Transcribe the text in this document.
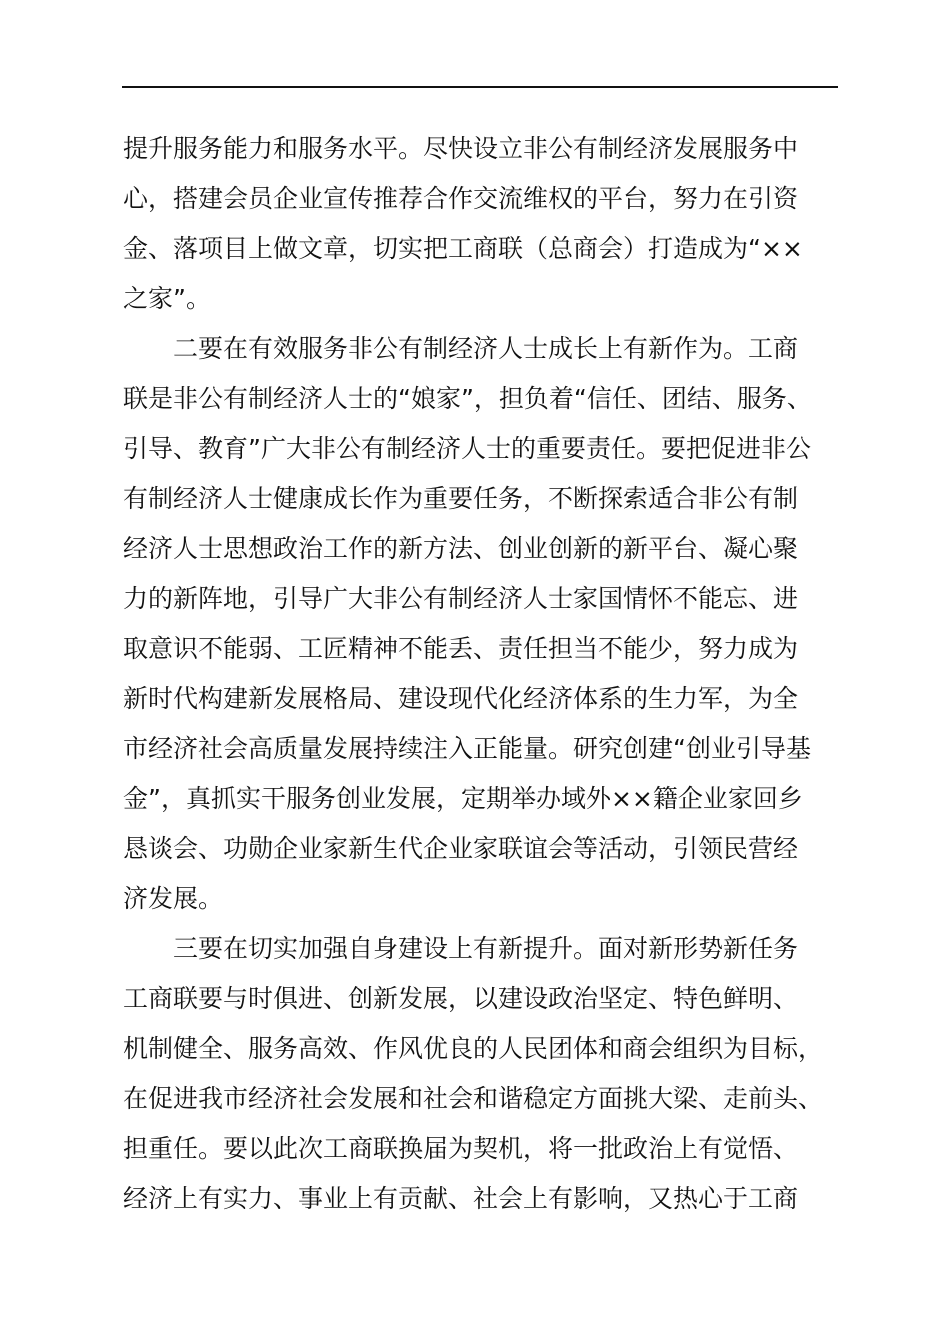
提升服务能力和服务水平。尽快设立非公有制经济发展服务中
心，搭建会员企业宣传推荐合作交流维权的平台，努力在引资
金、落项目上做文章，切实把工商联（总商会）打造成为“××
之家”。
二要在有效服务非公有制经济人士成长上有新作为。工商
联是非公有制经济人士的“娘家”，担负着“信任、团结、服务、
引导、教育”广大非公有制经济人士的重要责任。要把促进非公
有制经济人士健康成长作为重要任务，不断探索适合非公有制
经济人士思想政治工作的新方法、创业创新的新平台、凝心聚
力的新阵地，引导广大非公有制经济人士家国情怀不能忘、进
取意识不能弱、工匠精神不能丢、责任担当不能少，努力成为
新时代构建新发展格局、建设现代化经济体系的生力军，为全
市经济社会高质量发展持续注入正能量。研究创建“创业引导基
金”，真抓实干服务创业发展，定期举办域外××籍企业家回乡
恳谈会、功勋企业家新生代企业家联谊会等活动，引领民营经
济发展。
三要在切实加强自身建设上有新提升。面对新形势新任务
工商联要与时俱进、创新发展，以建设政治坚定、特色鲜明、
机制健全、服务高效、作风优良的人民团体和商会组织为目标，
在促进我市经济社会发展和社会和谐稳定方面挑大梁、走前头、
担重任。要以此次工商联换届为契机，将一批政治上有觉悟、
经济上有实力、事业上有贡献、社会上有影响，又热心于工商
